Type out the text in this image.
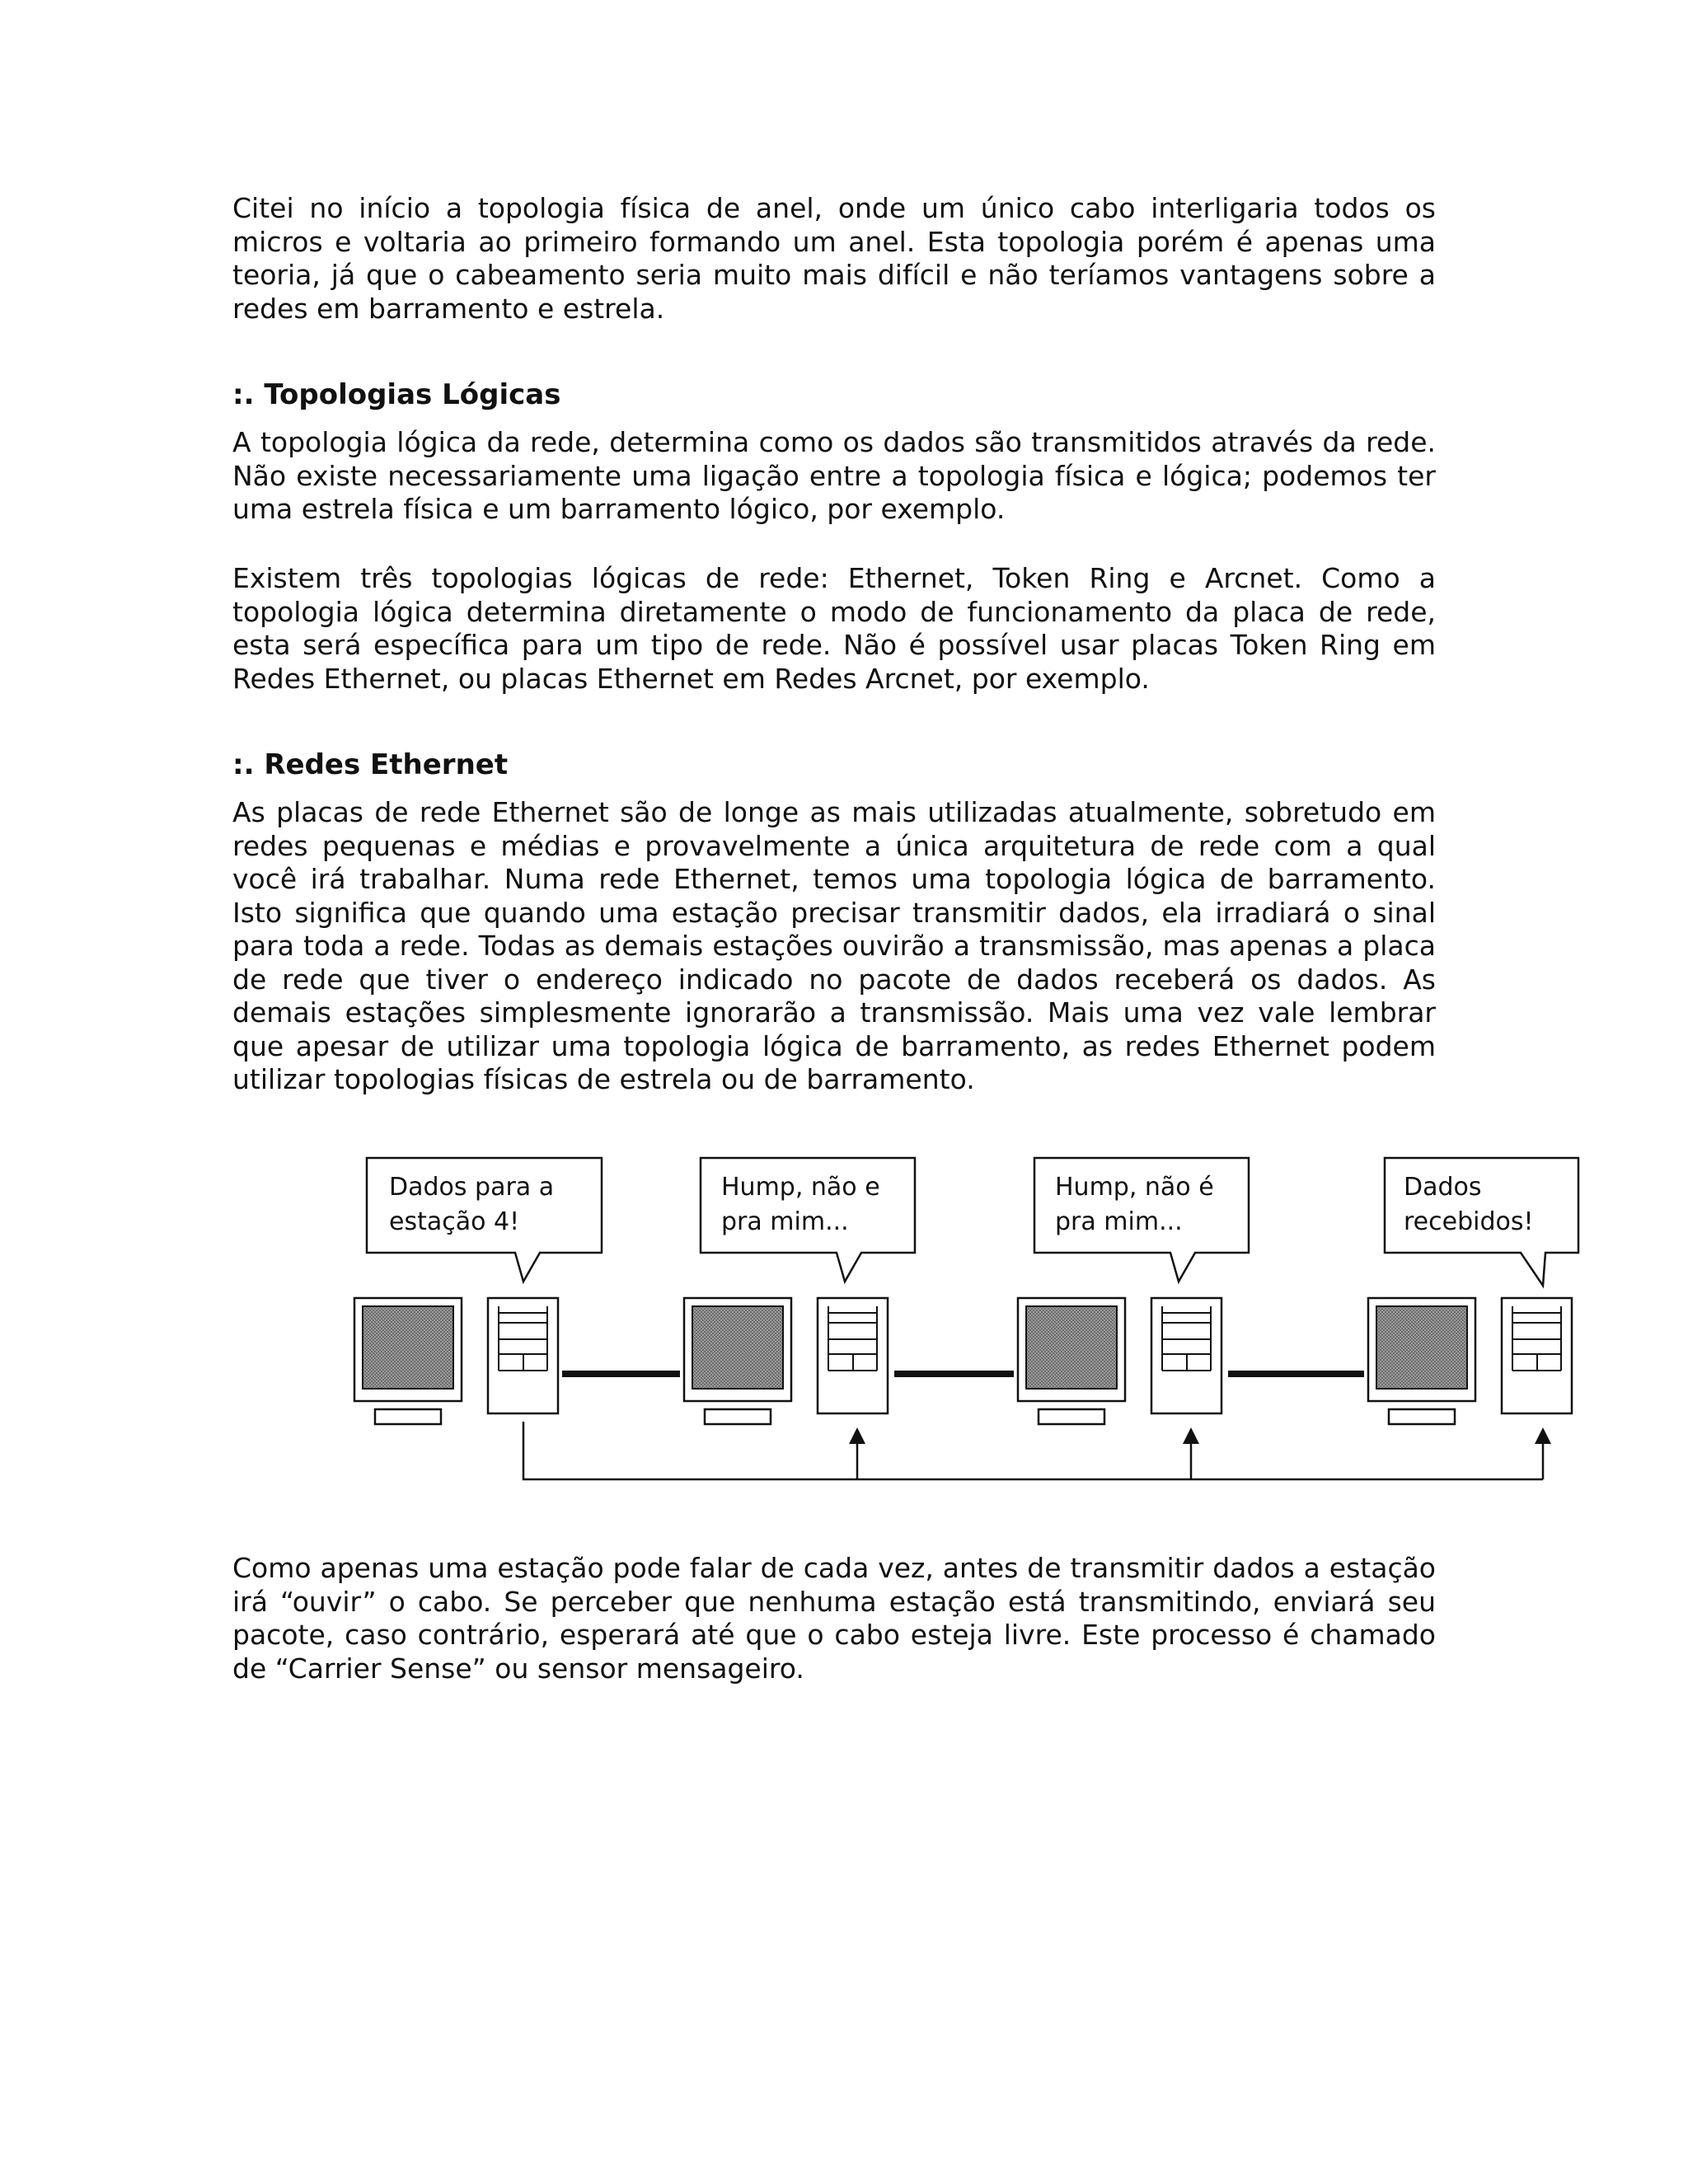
Citei no início a topologia física de anel, onde um único cabo interligaria todos os micros e voltaria ao primeiro formando um anel. Esta topologia porém é apenas uma teoria, já que o cabeamento seria muito mais difícil e não teríamos vantagens sobre a redes em barramento e estrela.

:. Topologias Lógicas

A topologia lógica da rede, determina como os dados são transmitidos através da rede. Não existe necessariamente uma ligação entre a topologia física e lógica; podemos ter uma estrela física e um barramento lógico, por exemplo.

Existem três topologias lógicas de rede: Ethernet, Token Ring e Arcnet. Como a topologia lógica determina diretamente o modo de funcionamento da placa de rede, esta será específica para um tipo de rede. Não é possível usar placas Token Ring em Redes Ethernet, ou placas Ethernet em Redes Arcnet, por exemplo.

:. Redes Ethernet

As placas de rede Ethernet são de longe as mais utilizadas atualmente, sobretudo em redes pequenas e médias e provavelmente a única arquitetura de rede com a qual você irá trabalhar. Numa rede Ethernet, temos uma topologia lógica de barramento. Isto significa que quando uma estação precisar transmitir dados, ela irradiará o sinal para toda a rede. Todas as demais estações ouvirão a transmissão, mas apenas a placa de rede que tiver o endereço indicado no pacote de dados receberá os dados. As demais estações simplesmente ignorarão a transmissão. Mais uma vez vale lembrar que apesar de utilizar uma topologia lógica de barramento, as redes Ethernet podem utilizar topologias físicas de estrela ou de barramento.

Dados para a
estação 4!
Hump, não e
pra mim...
Hump, não é
pra mim...
Dados
recebidos!

Como apenas uma estação pode falar de cada vez, antes de transmitir dados a estação irá “ouvir” o cabo. Se perceber que nenhuma estação está transmitindo, enviará seu pacote, caso contrário, esperará até que o cabo esteja livre. Este processo é chamado de “Carrier Sense” ou sensor mensageiro.
